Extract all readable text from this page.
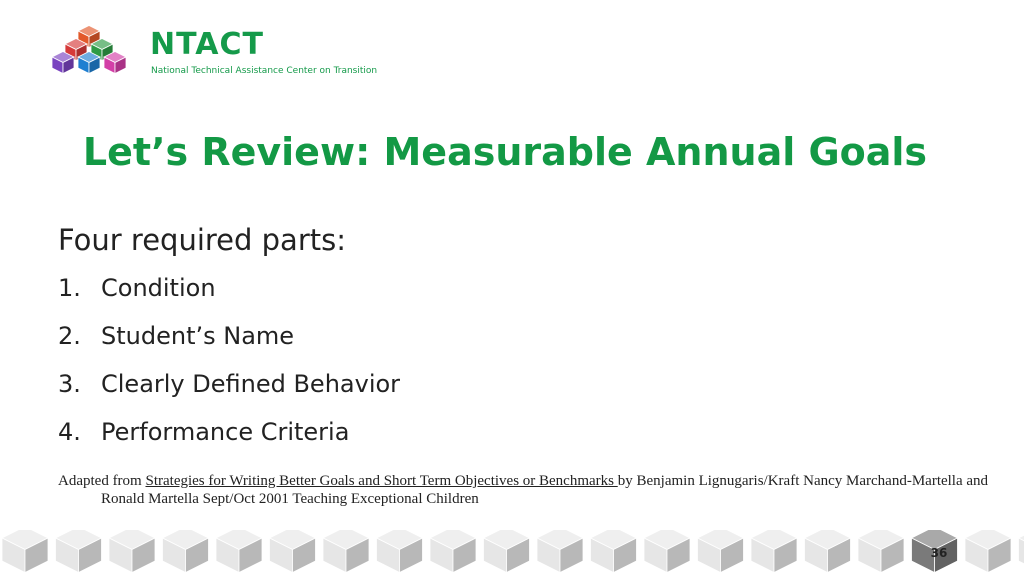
NTACT
National Technical Assistance Center on Transition
Let’s Review: Measurable Annual Goals
Four required parts:
1. Condition
2. Student’s Name
3. Clearly Defined Behavior
4. Performance Criteria
Adapted from Strategies for Writing Better Goals and Short Term Objectives or Benchmarks by Benjamin Lignugaris/Kraft Nancy Marchand-Martella and Ronald Martella Sept/Oct 2001 Teaching Exceptional Children
36
